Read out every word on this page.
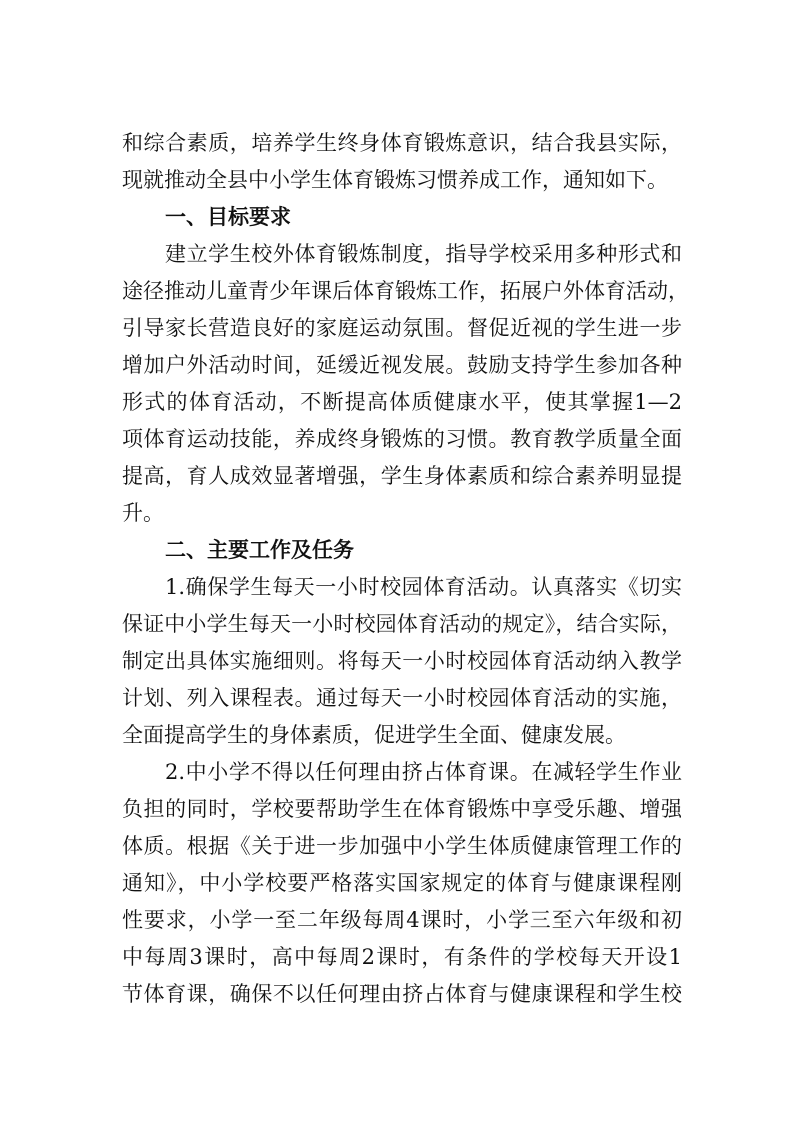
和综合素质，培养学生终身体育锻炼意识，结合我县实际，

现就推动全县中小学生体育锻炼习惯养成工作，通知如下。

一、目标要求

建立学生校外体育锻炼制度，指导学校采用多种形式和

途径推动儿童青少年课后体育锻炼工作，拓展户外体育活动，

引导家长营造良好的家庭运动氛围。督促近视的学生进一步

增加户外活动时间，延缓近视发展。鼓励支持学生参加各种

形式的体育活动，不断提高体质健康水平，使其掌握1—2

项体育运动技能，养成终身锻炼的习惯。教育教学质量全面

提高，育人成效显著增强，学生身体素质和综合素养明显提

升。

二、主要工作及任务

1.确保学生每天一小时校园体育活动。认真落实《切实

保证中小学生每天一小时校园体育活动的规定》，结合实际，

制定出具体实施细则。将每天一小时校园体育活动纳入教学

计划、列入课程表。通过每天一小时校园体育活动的实施，

全面提高学生的身体素质，促进学生全面、健康发展。

2.中小学不得以任何理由挤占体育课。在减轻学生作业

负担的同时，学校要帮助学生在体育锻炼中享受乐趣、增强

体质。根据《关于进一步加强中小学生体质健康管理工作的

通知》，中小学校要严格落实国家规定的体育与健康课程刚

性要求，小学一至二年级每周4课时，小学三至六年级和初

中每周3课时，高中每周2课时，有条件的学校每天开设1

节体育课，确保不以任何理由挤占体育与健康课程和学生校
